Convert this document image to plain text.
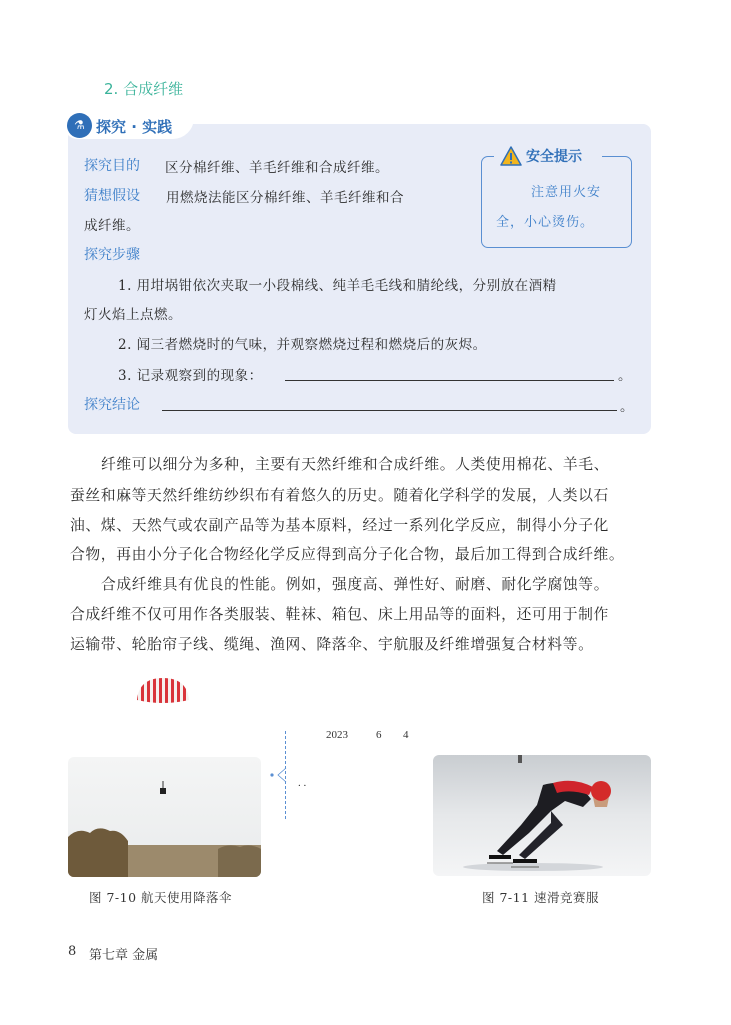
2. 合成纤维
⚗ 探究 · 实践
探究目的 区分棉纤维、羊毛纤维和合成纤维。
猜想假设 用燃烧法能区分棉纤维、羊毛纤维和合
成纤维。
探究步骤
1. 用坩埚钳依次夹取一小段棉线、纯羊毛毛线和腈纶线，分别放在酒精
灯火焰上点燃。
2. 闻三者燃烧时的气味，并观察燃烧过程和燃烧后的灰烬。
3. 记录观察到的现象：	。
探究结论	。
安全提示
注意用火安
全，小心烫伤。
纤维可以细分为多种，主要有天然纤维和合成纤维。人类使用棉花、羊毛、
蚕丝和麻等天然纤维纺纱织布有着悠久的历史。随着化学科学的发展，人类以石
油、煤、天然气或农副产品等为基本原料，经过一系列化学反应，制得小分子化
合物，再由小分子化合物经化学反应得到高分子化合物，最后加工得到合成纤维。
合成纤维具有优良的性能。例如，强度高、弹性好、耐磨、耐化学腐蚀等。
合成纤维不仅可用作各类服装、鞋袜、箱包、床上用品等的面料，还可用于制作
运输带、轮胎帘子线、缆绳、渔网、降落伞、宇航服及纤维增强复合材料等。
2023	6 4
. .
图 7-10 航天使用降落伞	图 7-11 速滑竞赛服
8 第七章 金属
